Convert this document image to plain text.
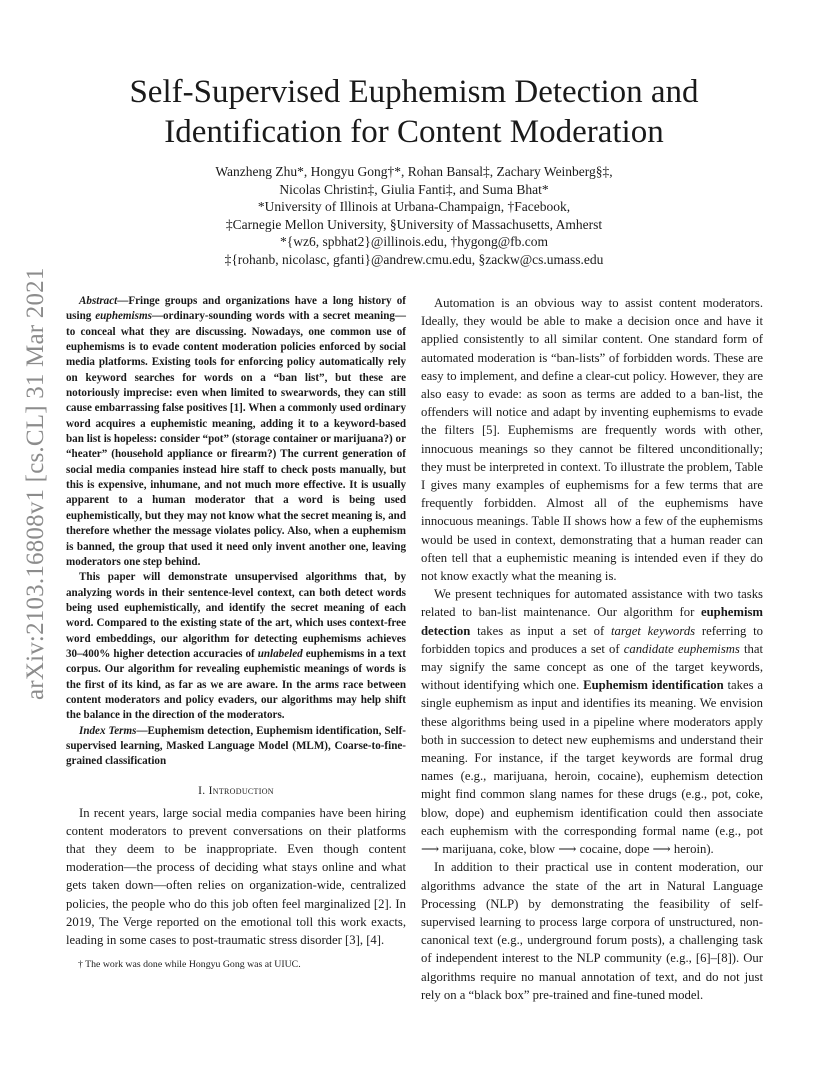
arXiv:2103.16808v1 [cs.CL] 31 Mar 2021
Self-Supervised Euphemism Detection and
Identification for Content Moderation
Wanzheng Zhu*, Hongyu Gong†*, Rohan Bansal‡, Zachary Weinberg§‡,
Nicolas Christin‡, Giulia Fanti‡, and Suma Bhat*
*University of Illinois at Urbana-Champaign, †Facebook,
‡Carnegie Mellon University, §University of Massachusetts, Amherst
*{wz6, spbhat2}@illinois.edu, †hygong@fb.com
‡{rohanb, nicolasc, gfanti}@andrew.cmu.edu, §zackw@cs.umass.edu

Abstract—Fringe groups and organizations have a long history of using euphemisms—ordinary-sounding words with a secret meaning—to conceal what they are discussing. Nowadays, one common use of euphemisms is to evade content moderation policies enforced by social media platforms. Existing tools for enforcing policy automatically rely on keyword searches for words on a “ban list”, but these are notoriously imprecise: even when limited to swearwords, they can still cause embarrassing false positives [1]. When a commonly used ordinary word acquires a euphemistic meaning, adding it to a keyword-based ban list is hopeless: consider “pot” (storage container or marijuana?) or “heater” (household appliance or firearm?) The current generation of social media companies instead hire staff to check posts manually, but this is expensive, inhumane, and not much more effective. It is usually apparent to a human moderator that a word is being used euphemistically, but they may not know what the secret meaning is, and therefore whether the message violates policy. Also, when a euphemism is banned, the group that used it need only invent another one, leaving moderators one step behind.

This paper will demonstrate unsupervised algorithms that, by analyzing words in their sentence-level context, can both detect words being used euphemistically, and identify the secret meaning of each word. Compared to the existing state of the art, which uses context-free word embeddings, our algorithm for detecting euphemisms achieves 30–400% higher detection accuracies of unlabeled euphemisms in a text corpus. Our algorithm for revealing euphemistic meanings of words is the first of its kind, as far as we are aware. In the arms race between content moderators and policy evaders, our algorithms may help shift the balance in the direction of the moderators.

Index Terms—Euphemism detection, Euphemism identification, Self-supervised learning, Masked Language Model (MLM), Coarse-to-fine-grained classification

I. Introduction

In recent years, large social media companies have been hiring content moderators to prevent conversations on their platforms that they deem to be inappropriate. Even though content moderation—the process of deciding what stays online and what gets taken down—often relies on organization-wide, centralized policies, the people who do this job often feel marginalized [2]. In 2019, The Verge reported on the emotional toll this work exacts, leading in some cases to post-traumatic stress disorder [3], [4].

† The work was done while Hongyu Gong was at UIUC.

Automation is an obvious way to assist content moderators. Ideally, they would be able to make a decision once and have it applied consistently to all similar content. One standard form of automated moderation is “ban-lists” of forbidden words. These are easy to implement, and define a clear-cut policy. However, they are also easy to evade: as soon as terms are added to a ban-list, the offenders will notice and adapt by inventing euphemisms to evade the filters [5]. Euphemisms are frequently words with other, innocuous meanings so they cannot be filtered unconditionally; they must be interpreted in context. To illustrate the problem, Table I gives many examples of euphemisms for a few terms that are frequently forbidden. Almost all of the euphemisms have innocuous meanings. Table II shows how a few of the euphemisms would be used in context, demonstrating that a human reader can often tell that a euphemistic meaning is intended even if they do not know exactly what the meaning is.

We present techniques for automated assistance with two tasks related to ban-list maintenance. Our algorithm for euphemism detection takes as input a set of target keywords referring to forbidden topics and produces a set of candidate euphemisms that may signify the same concept as one of the target keywords, without identifying which one. Euphemism identification takes a single euphemism as input and identifies its meaning. We envision these algorithms being used in a pipeline where moderators apply both in succession to detect new euphemisms and understand their meaning. For instance, if the target keywords are formal drug names (e.g., marijuana, heroin, cocaine), euphemism detection might find common slang names for these drugs (e.g., pot, coke, blow, dope) and euphemism identification could then associate each euphemism with the corresponding formal name (e.g., pot ⟶ marijuana, coke, blow ⟶ cocaine, dope ⟶ heroin).

In addition to their practical use in content moderation, our algorithms advance the state of the art in Natural Language Processing (NLP) by demonstrating the feasibility of self-supervised learning to process large corpora of unstructured, non-canonical text (e.g., underground forum posts), a challenging task of independent interest to the NLP community (e.g., [6]–[8]). Our algorithms require no manual annotation of text, and do not just rely on a “black box” pre-trained and fine-tuned model.
